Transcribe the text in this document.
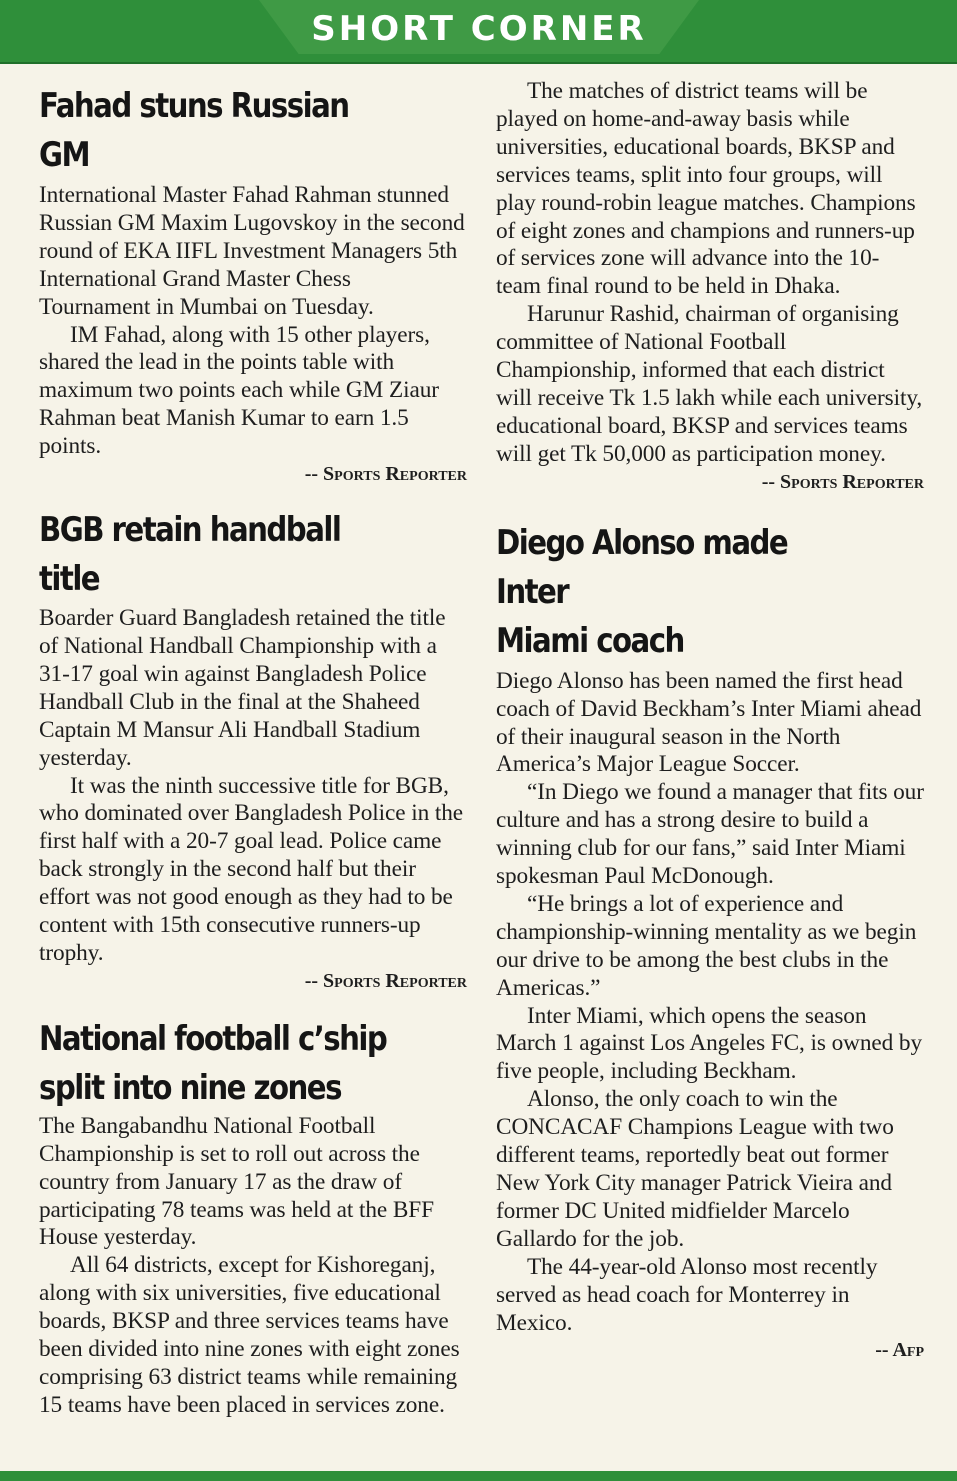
SHORT CORNER
Fahad stuns Russian GM

International Master Fahad Rahman stunned Russian GM Maxim Lugovskoy in the second round of EKA IIFL Investment Managers 5th International Grand Master Chess Tournament in Mumbai on Tuesday.

IM Fahad, along with 15 other players, shared the lead in the points table with maximum two points each while GM Ziaur Rahman beat Manish Kumar to earn 1.5 points.

-- Sports Reporter
BGB retain handball title

Boarder Guard Bangladesh retained the title of National Handball Championship with a 31-17 goal win against Bangladesh Police Handball Club in the final at the Shaheed Captain M Mansur Ali Handball Stadium yesterday.

It was the ninth successive title for BGB, who dominated over Bangladesh Police in the first half with a 20-7 goal lead. Police came back strongly in the second half but their effort was not good enough as they had to be content with 15th consecutive runners-up trophy.

-- Sports Reporter
National football c’ship
split into nine zones

The Bangabandhu National Football Championship is set to roll out across the country from January 17 as the draw of participating 78 teams was held at the BFF House yesterday.

All 64 districts, except for Kishoreganj, along with six universities, five educational boards, BKSP and three services teams have been divided into nine zones with eight zones comprising 63 district teams while remaining 15 teams have been placed in services zone.

The matches of district teams will be played on home-and-away basis while universities, educational boards, BKSP and services teams, split into four groups, will play round-robin league matches. Champions of eight zones and champions and runners-up of services zone will advance into the 10-team final round to be held in Dhaka.

Harunur Rashid, chairman of organising committee of National Football Championship, informed that each district will receive Tk 1.5 lakh while each university, educational board, BKSP and services teams will get Tk 50,000 as participation money.

-- Sports Reporter
Diego Alonso made Inter
Miami coach

Diego Alonso has been named the first head coach of David Beckham’s Inter Miami ahead of their inaugural season in the North America’s Major League Soccer.

“In Diego we found a manager that fits our culture and has a strong desire to build a winning club for our fans,” said Inter Miami spokesman Paul McDonough.

“He brings a lot of experience and championship-winning mentality as we begin our drive to be among the best clubs in the Americas.”

Inter Miami, which opens the season March 1 against Los Angeles FC, is owned by five people, including Beckham.

Alonso, the only coach to win the CONCACAF Champions League with two different teams, reportedly beat out former New York City manager Patrick Vieira and former DC United midfielder Marcelo Gallardo for the job.

The 44-year-old Alonso most recently served as head coach for Monterrey in Mexico.

-- Afp
